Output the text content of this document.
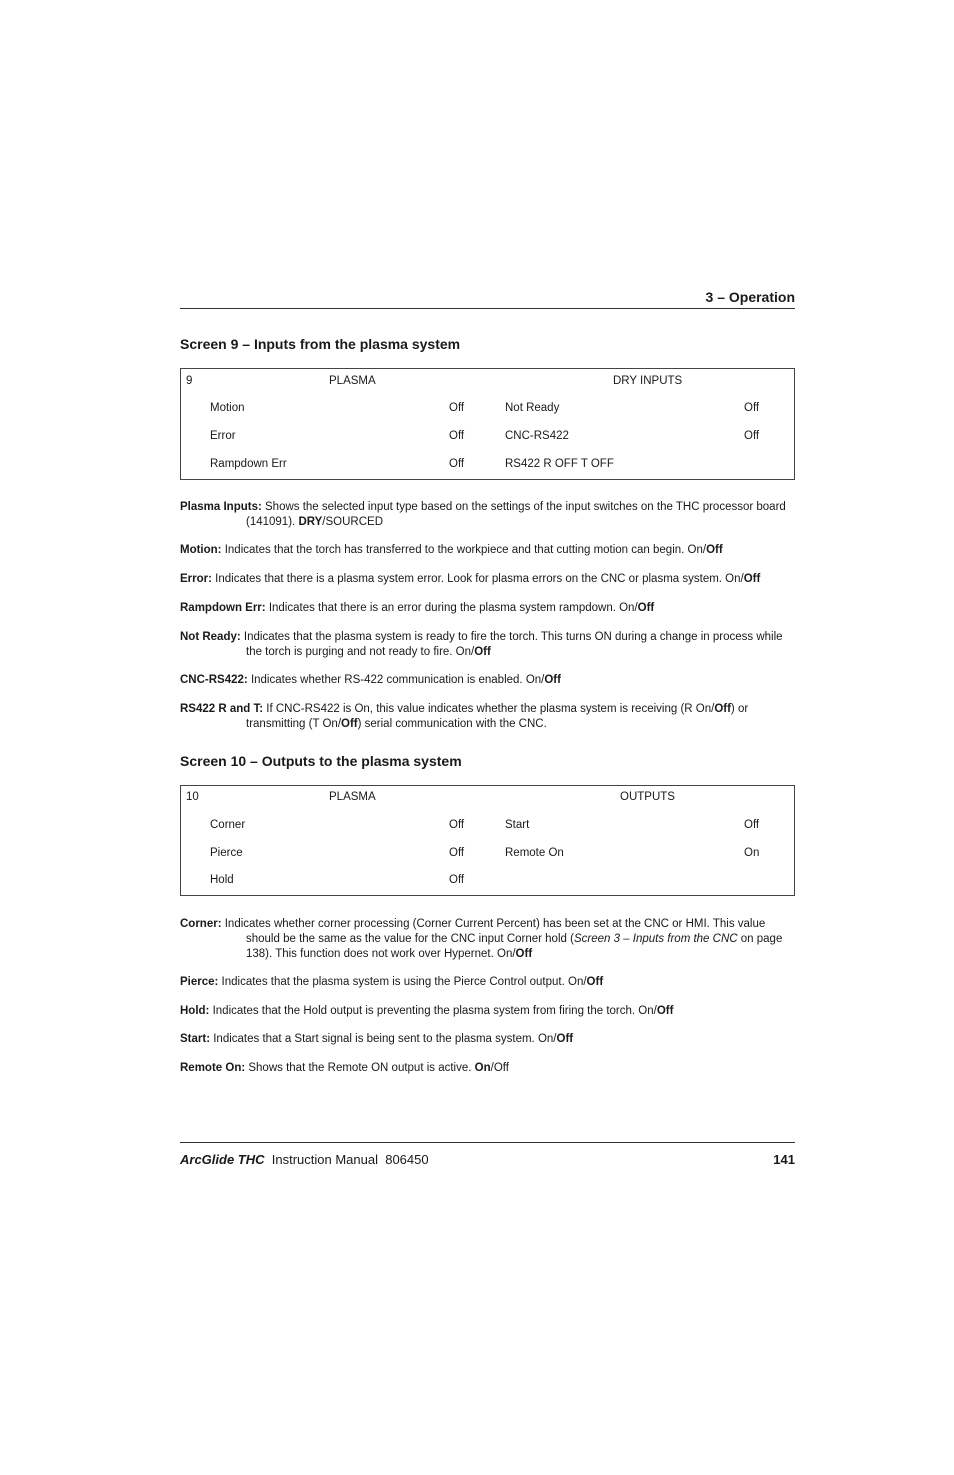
3 – Operation
Screen 9 – Inputs from the plasma system
9	PLASMA	DRY INPUTS
Motion	Off	Not Ready	Off
Error	Off	CNC-RS422	Off
Rampdown Err	Off	RS422 R OFF T OFF
Plasma Inputs: Shows the selected input type based on the settings of the input switches on the THC processor board (141091). DRY/SOURCED
Motion: Indicates that the torch has transferred to the workpiece and that cutting motion can begin. On/Off
Error: Indicates that there is a plasma system error. Look for plasma errors on the CNC or plasma system. On/Off
Rampdown Err: Indicates that there is an error during the plasma system rampdown. On/Off
Not Ready: Indicates that the plasma system is ready to fire the torch. This turns ON during a change in process while the torch is purging and not ready to fire. On/Off
CNC-RS422: Indicates whether RS-422 communication is enabled. On/Off
RS422 R and T: If CNC-RS422 is On, this value indicates whether the plasma system is receiving (R On/Off) or transmitting (T On/Off) serial communication with the CNC.
Screen 10 – Outputs to the plasma system
10	PLASMA	OUTPUTS
Corner	Off	Start	Off
Pierce	Off	Remote On	On
Hold	Off
Corner: Indicates whether corner processing (Corner Current Percent) has been set at the CNC or HMI. This value should be the same as the value for the CNC input Corner hold (Screen 3 – Inputs from the CNC on page 138). This function does not work over Hypernet. On/Off
Pierce: Indicates that the plasma system is using the Pierce Control output. On/Off
Hold: Indicates that the Hold output is preventing the plasma system from firing the torch. On/Off
Start: Indicates that a Start signal is being sent to the plasma system. On/Off
Remote On: Shows that the Remote ON output is active. On/Off
ArcGlide THC Instruction Manual 806450	141
